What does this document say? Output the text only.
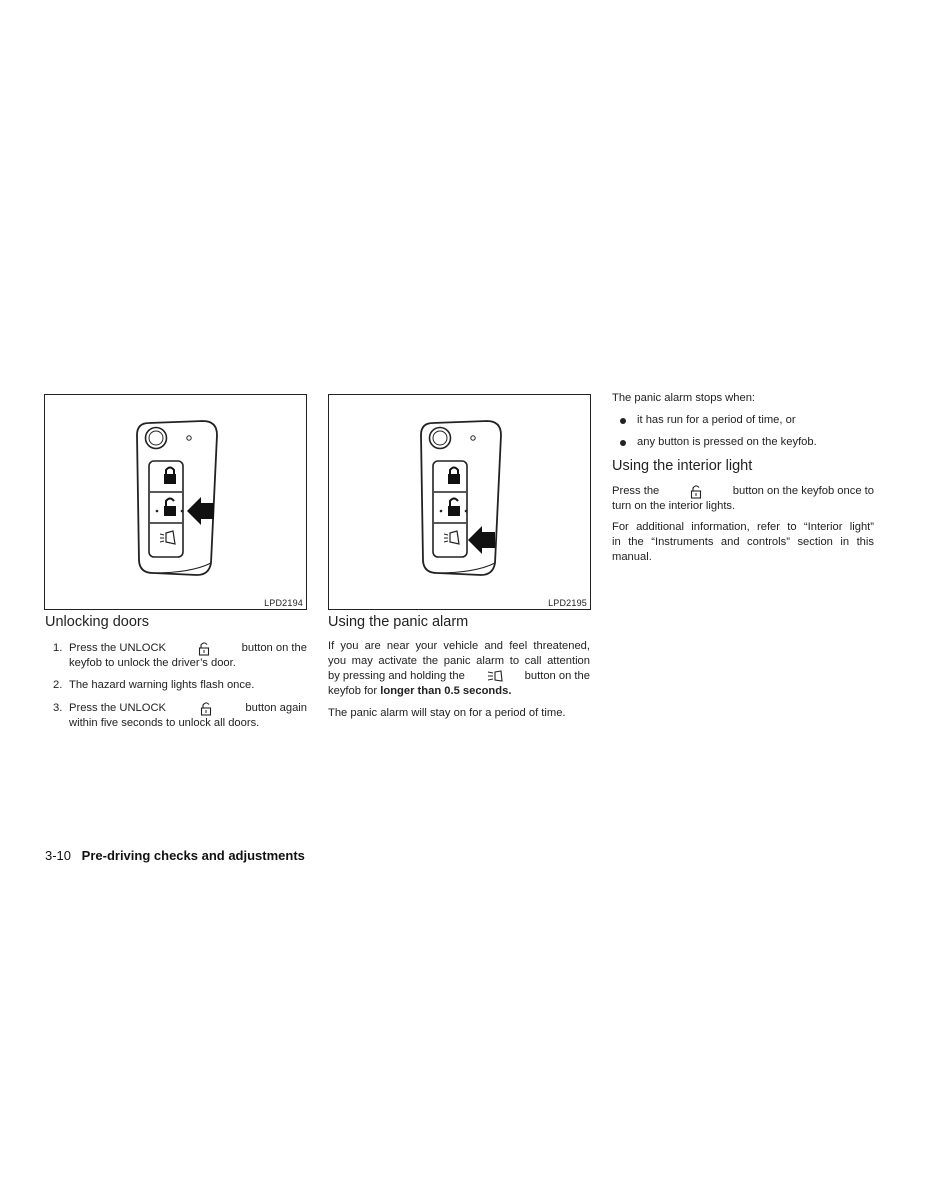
LPD2194
Unlocking doors
1. Press the UNLOCK	button on the
keyfob to unlock the driver’s door.
2. The hazard warning lights flash once.
3. Press the UNLOCK	button again
within five seconds to unlock all doors.
LPD2195
Using the panic alarm
If you are near your vehicle and feel threatened,
you may activate the panic alarm to call attention
by pressing and holding the	button on the
keyfob for longer than 0.5 seconds.
The panic alarm will stay on for a period of time.
The panic alarm stops when:
it has run for a period of time, or
any button is pressed on the keyfob.
Using the interior light
Press the	button on the keyfob once to
turn on the interior lights.
For additional information, refer to “Interior light”
in the “Instruments and controls” section in this
manual.
3-10 Pre-driving checks and adjustments
